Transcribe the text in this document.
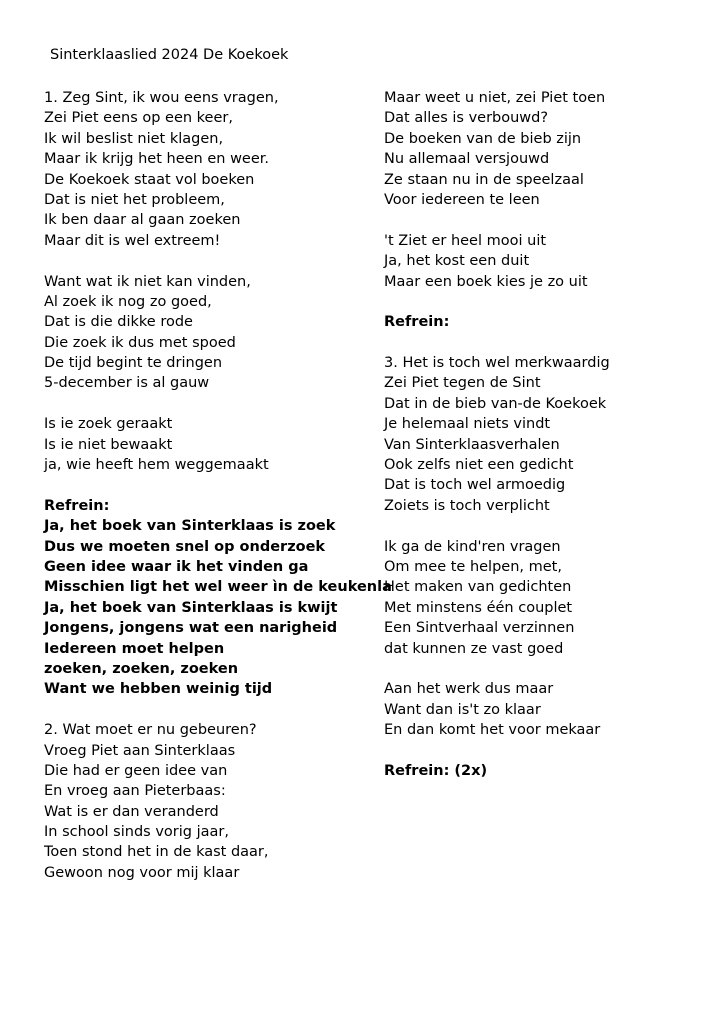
Sinterklaaslied 2024 De Koekoek
1. Zeg Sint, ik wou eens vragen,
Zei Piet eens op een keer,
Ik wil beslist niet klagen,
Maar ik krijg het heen en weer.
De Koekoek staat vol boeken
Dat is niet het probleem,
Ik ben daar al gaan zoeken
Maar dit is wel extreem!
Want wat ik niet kan vinden,
Al zoek ik nog zo goed,
Dat is die dikke rode
Die zoek ik dus met spoed
De tijd begint te dringen
5-december is al gauw
Is ie zoek geraakt
Is ie niet bewaakt
ja, wie heeft hem weggemaakt
Refrein:
Ja, het boek van Sinterklaas is zoek
Dus we moeten snel op onderzoek
Geen idee waar ik het vinden ga
Misschien ligt het wel weer ìn de keukenla
Ja, het boek van Sinterklaas is kwijt
Jongens, jongens wat een narigheid
Iedereen moet helpen
zoeken, zoeken, zoeken
Want we hebben weinig tijd
2. Wat moet er nu gebeuren?
Vroeg Piet aan Sinterklaas
Die had er geen idee van
En vroeg aan Pieterbaas:
Wat is er dan veranderd
In school sinds vorig jaar,
Toen stond het in de kast daar,
Gewoon nog voor mij klaar
Maar weet u niet, zei Piet toen
Dat alles is verbouwd?
De boeken van de bieb zijn
Nu allemaal versjouwd
Ze staan nu in de speelzaal
Voor iedereen te leen
't Ziet er heel mooi uit
Ja, het kost een duit
Maar een boek kies je zo uit
Refrein:
3. Het is toch wel merkwaardig
Zei Piet tegen de Sint
Dat in de bieb van-de Koekoek
Je helemaal niets vindt
Van Sinterklaasverhalen
Ook zelfs niet een gedicht
Dat is toch wel armoedig
Zoiets is toch verplicht
Ik ga de kind'ren vragen
Om mee te helpen, met,
Het maken van gedichten
Met minstens één couplet
Een Sintverhaal verzinnen
dat kunnen ze vast goed
Aan het werk dus maar
Want dan is't zo klaar
En dan komt het voor mekaar
Refrein: (2x)
